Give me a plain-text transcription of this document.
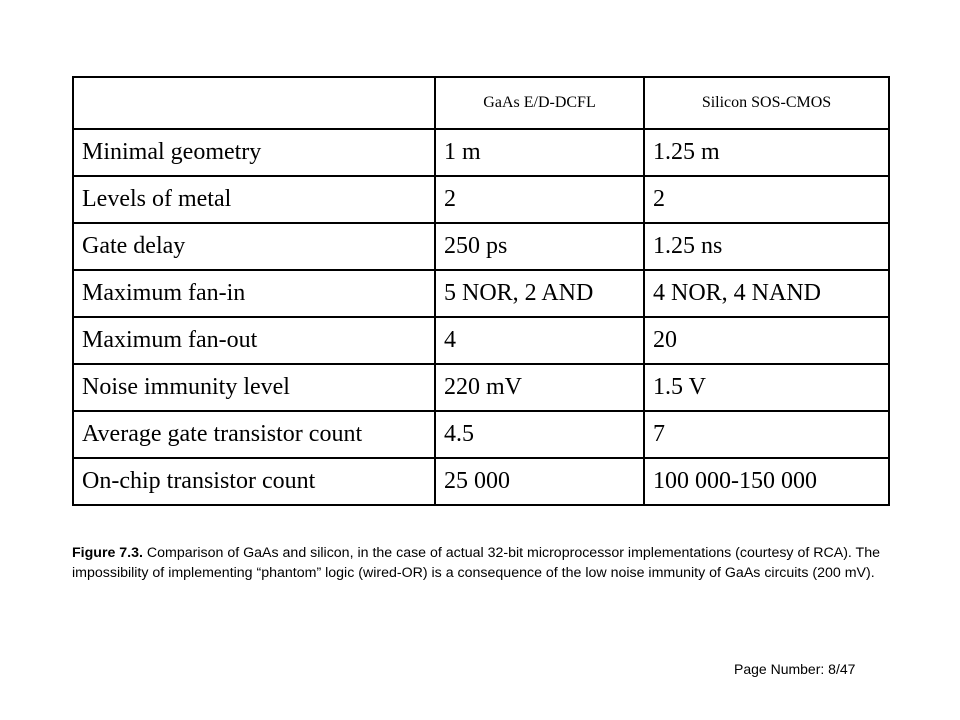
	GaAs E/D-DCFL	Silicon SOS-CMOS
Minimal geometry	1 m	1.25 m
Levels of metal	2	2
Gate delay	250 ps	1.25 ns
Maximum fan-in	5 NOR, 2 AND	4 NOR, 4 NAND
Maximum fan-out	4	20
Noise immunity level	220 mV	1.5 V
Average gate transistor count	4.5	7
On-chip transistor count	25 000	100 000-150 000

Figure 7.3. Comparison of GaAs and silicon, in the case of actual 32-bit microprocessor implementations (courtesy of RCA). The impossibility of implementing “phantom” logic (wired-OR) is a consequence of the low noise immunity of GaAs circuits (200 mV).

Page Number: 8/47
